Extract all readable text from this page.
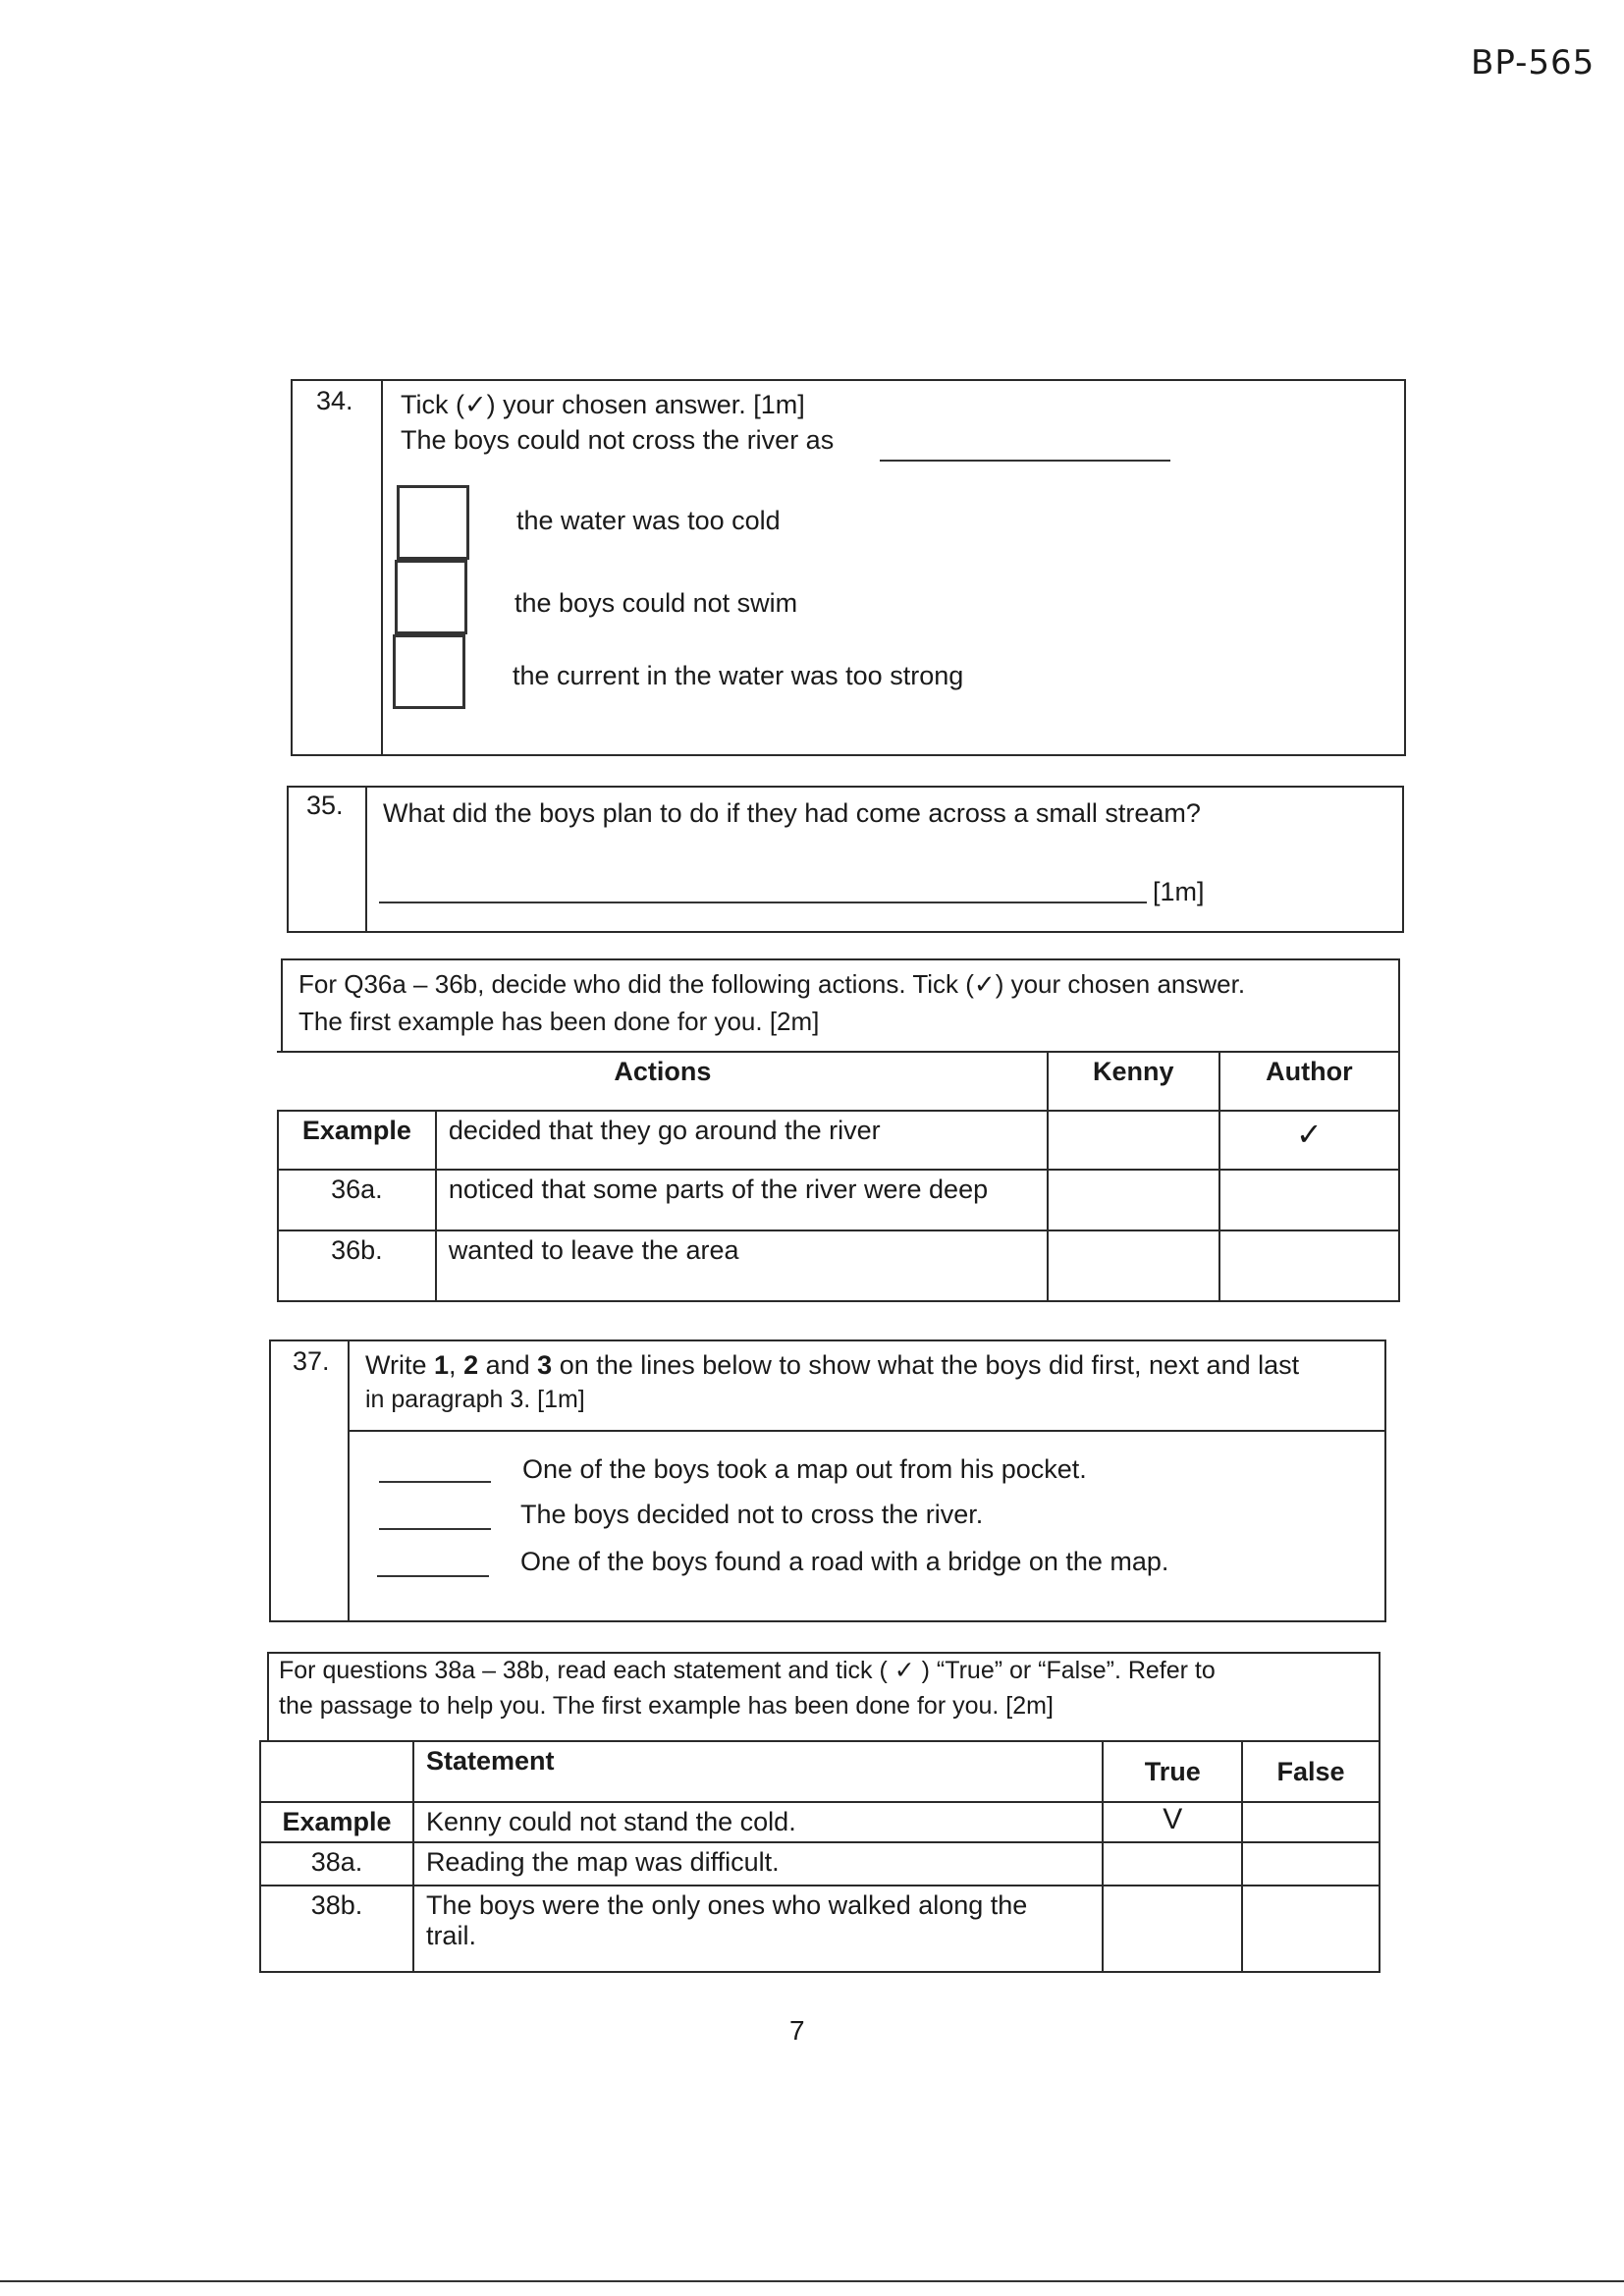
BP-565
34. Tick (✓) your chosen answer. [1m]
The boys could not cross the river as
the water was too cold
the boys could not swim
the current in the water was too strong
35. What did the boys plan to do if they had come across a small stream?
[1m]
For Q36a – 36b, decide who did the following actions. Tick (✓) your chosen answer.
The first example has been done for you. [2m]
Actions		Kenny	Author
Example	decided that they go around the river		✓
36a.	noticed that some parts of the river were deep		
36b.	wanted to leave the area		
37. Write 1, 2 and 3 on the lines below to show what the boys did first, next and last
in paragraph 3. [1m]
One of the boys took a map out from his pocket.
The boys decided not to cross the river.
One of the boys found a road with a bridge on the map.
For questions 38a – 38b, read each statement and tick ( ✓ ) “True” or “False”. Refer to
the passage to help you. The first example has been done for you. [2m]
	Statement	True	False
Example	Kenny could not stand the cold.	V	
38a.	Reading the map was difficult.		
38b.	The boys were the only ones who walked along the
trail.		

7
